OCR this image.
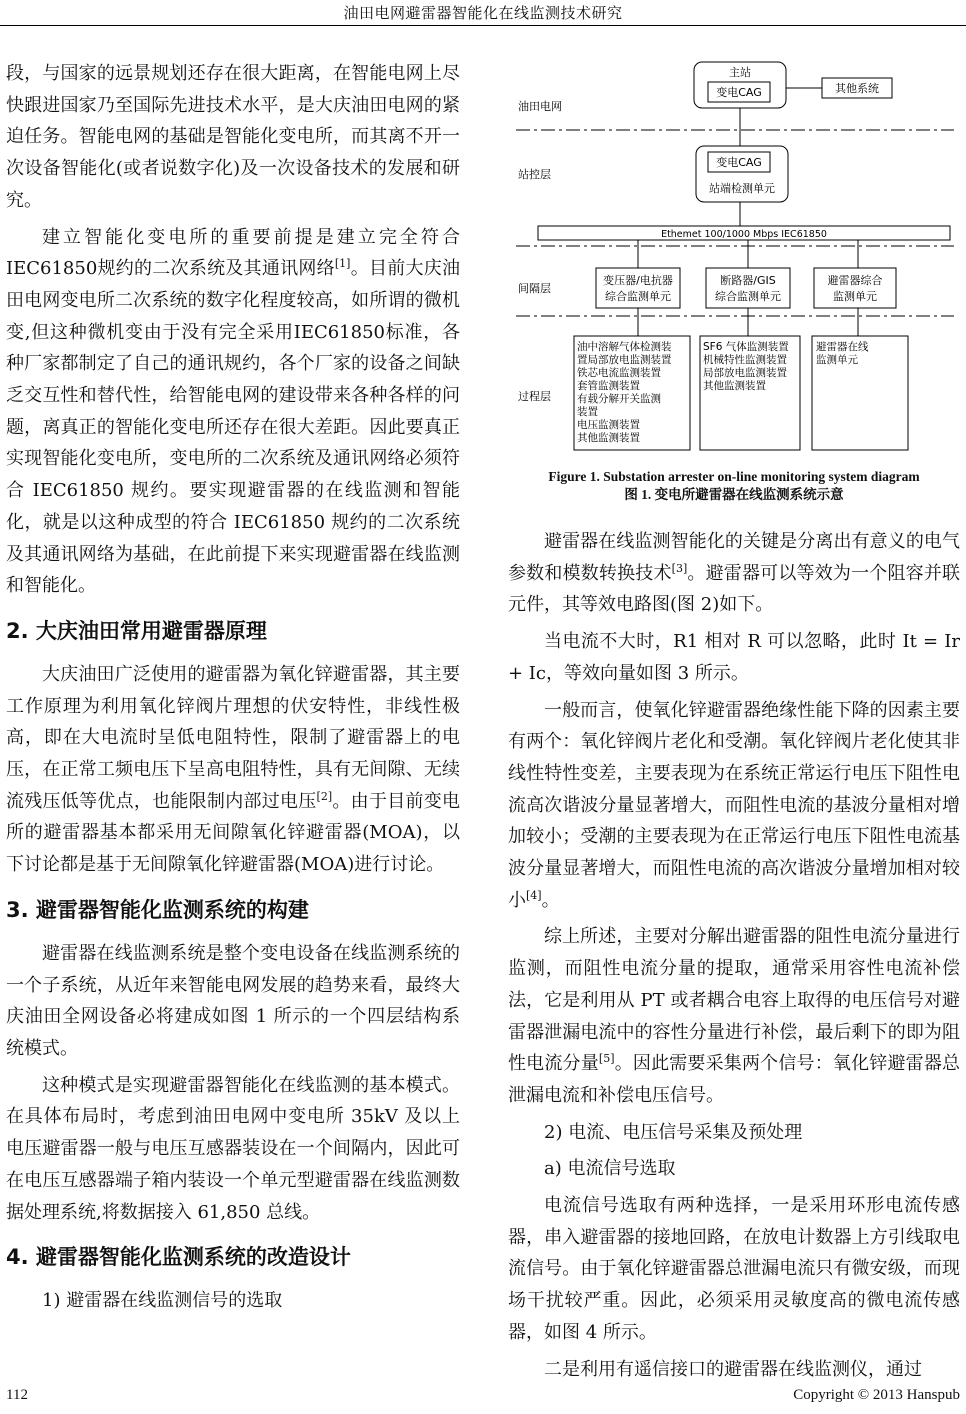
油田电网避雷器智能化在线监测技术研究

段，与国家的远景规划还存在很大距离，在智能电网上尽快跟进国家乃至国际先进技术水平，是大庆油田电网的紧迫任务。智能电网的基础是智能化变电所，而其离不开一次设备智能化(或者说数字化)及一次设备技术的发展和研究。

建立智能化变电所的重要前提是建立完全符合IEC61850规约的二次系统及其通讯网络[1]。目前大庆油田电网变电所二次系统的数字化程度较高，如所谓的微机变,但这种微机变由于没有完全采用IEC61850标准，各种厂家都制定了自己的通讯规约，各个厂家的设备之间缺乏交互性和替代性，给智能电网的建设带来各种各样的问题，离真正的智能化变电所还存在很大差距。因此要真正实现智能化变电所，变电所的二次系统及通讯网络必须符合 IEC61850 规约。要实现避雷器的在线监测和智能化，就是以这种成型的符合 IEC61850 规约的二次系统及其通讯网络为基础，在此前提下来实现避雷器在线监测和智能化。

2. 大庆油田常用避雷器原理

大庆油田广泛使用的避雷器为氧化锌避雷器，其主要工作原理为利用氧化锌阀片理想的伏安特性，非线性极高，即在大电流时呈低电阻特性，限制了避雷器上的电压，在正常工频电压下呈高电阻特性，具有无间隙、无续流残压低等优点，也能限制内部过电压[2]。由于目前变电所的避雷器基本都采用无间隙氧化锌避雷器(MOA)，以下讨论都是基于无间隙氧化锌避雷器(MOA)进行讨论。

3. 避雷器智能化监测系统的构建

避雷器在线监测系统是整个变电设备在线监测系统的一个子系统，从近年来智能电网发展的趋势来看，最终大庆油田全网设备必将建成如图 1 所示的一个四层结构系统模式。

这种模式是实现避雷器智能化在线监测的基本模式。在具体布局时，考虑到油田电网中变电所 35kV 及以上电压避雷器一般与电压互感器装设在一个间隔内，因此可在电压互感器端子箱内装设一个单元型避雷器在线监测数据处理系统,将数据接入 61,850 总线。

4. 避雷器智能化监测系统的改造设计

1) 避雷器在线监测信号的选取

主站
变电CAG	其他系统
油田电网
站控层
变电CAG
站端检测单元
Ethemet 100/1000 Mbps IEC61850
间隔层
变压器/电抗器
综合监测单元
断路器/GIS
综合监测单元
避雷器综合
监测单元
过程层
油中溶解气体检测装
置局部放电监测装置
铁芯电流监测装置
套管监测装置
有载分解开关监测
装置
电压监测装置
其他监测装置
SF6 气体监测装置
机械特性监测装置
局部放电监测装置
其他监测装置
避雷器在线
监测单元
Figure 1. Substation arrester on-line monitoring system diagram
图 1. 变电所避雷器在线监测系统示意

避雷器在线监测智能化的关键是分离出有意义的电气参数和模数转换技术[3]。避雷器可以等效为一个阻容并联元件，其等效电路图(图 2)如下。

当电流不大时，R1 相对 R 可以忽略，此时 It = Ir + Ic，等效向量如图 3 所示。

一般而言，使氧化锌避雷器绝缘性能下降的因素主要有两个：氧化锌阀片老化和受潮。氧化锌阀片老化使其非线性特性变差，主要表现为在系统正常运行电压下阻性电流高次谐波分量显著增大，而阻性电流的基波分量相对增加较小；受潮的主要表现为在正常运行电压下阻性电流基波分量显著增大，而阻性电流的高次谐波分量增加相对较小[4]。

综上所述，主要对分解出避雷器的阻性电流分量进行监测，而阻性电流分量的提取，通常采用容性电流补偿法，它是利用从 PT 或者耦合电容上取得的电压信号对避雷器泄漏电流中的容性分量进行补偿，最后剩下的即为阻性电流分量[5]。因此需要采集两个信号：氧化锌避雷器总泄漏电流和补偿电压信号。

2) 电流、电压信号采集及预处理

a) 电流信号选取

电流信号选取有两种选择，一是采用环形电流传感器，串入避雷器的接地回路，在放电计数器上方引线取电流信号。由于氧化锌避雷器总泄漏电流只有微安级，而现场干扰较严重。因此，必须采用灵敏度高的微电流传感器，如图 4 所示。

二是利用有遥信接口的避雷器在线监测仪，通过

112	Copyright © 2013 Hanspub
